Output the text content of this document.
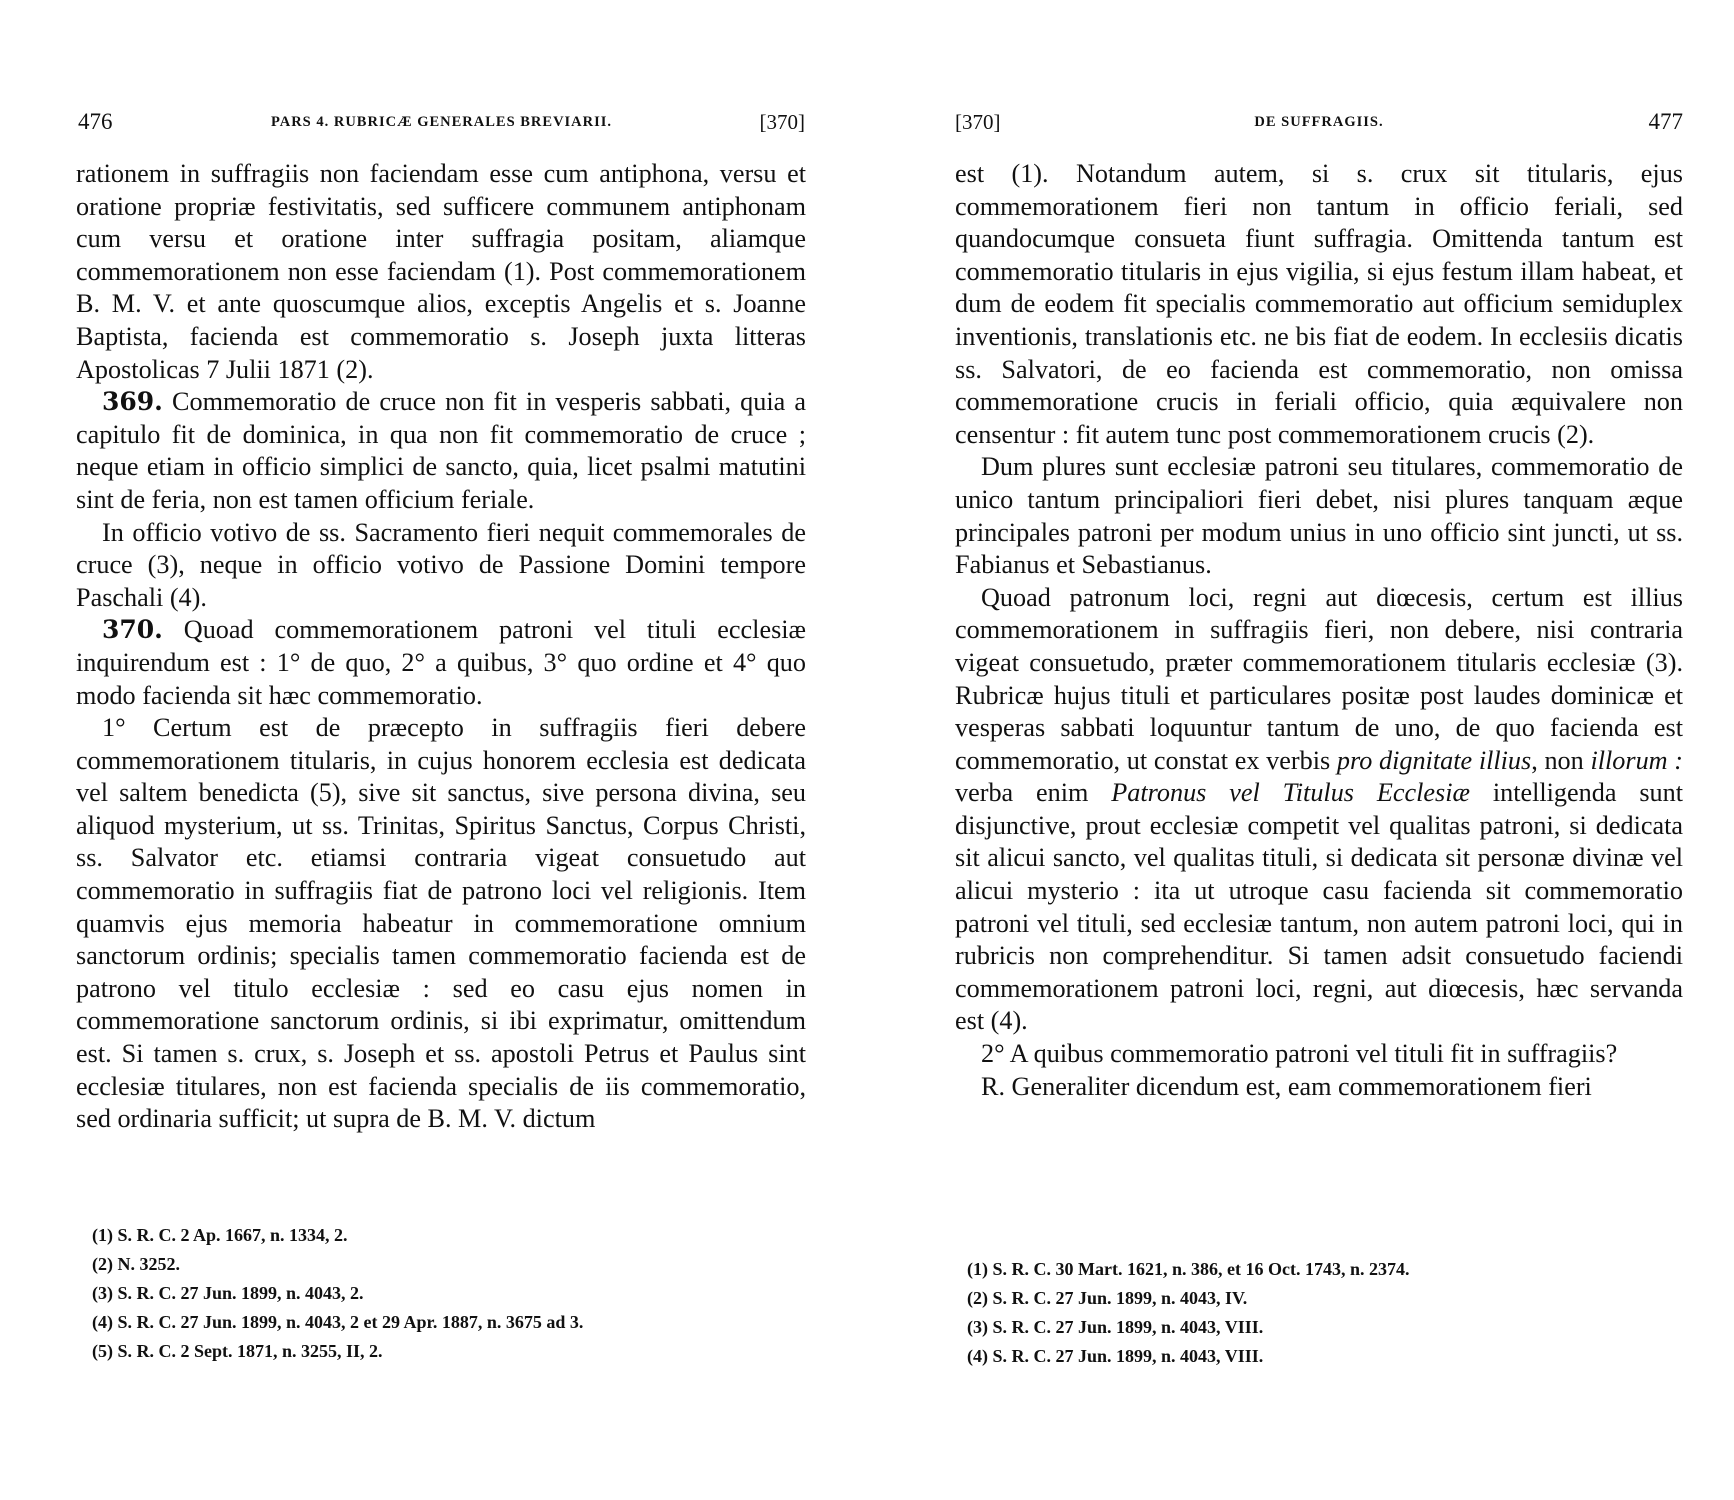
476	PARS 4. RUBRICÆ GENERALES BREVIARII.	[370]

rationem in suffragiis non faciendam esse cum antiphona, versu et oratione propriæ festivitatis, sed sufficere communem antiphonam cum versu et oratione inter suffragia positam, aliamque commemorationem non esse faciendam (1). Post commemorationem B. M. V. et ante quoscumque alios, exceptis Angelis et s. Joanne Baptista, facienda est commemoratio s. Joseph juxta litteras Apostolicas 7 Julii 1871 (2).

369. Commemoratio de cruce non fit in vesperis sabbati, quia a capitulo fit de dominica, in qua non fit commemoratio de cruce ; neque etiam in officio simplici de sancto, quia, licet psalmi matutini sint de feria, non est tamen officium feriale.

In officio votivo de ss. Sacramento fieri nequit commemorales de cruce (3), neque in officio votivo de Passione Domini tempore Paschali (4).

370. Quoad commemorationem patroni vel tituli ecclesiæ inquirendum est : 1° de quo, 2° a quibus, 3° quo ordine et 4° quo modo facienda sit hæc commemoratio.

1° Certum est de præcepto in suffragiis fieri debere commemorationem titularis, in cujus honorem ecclesia est dedicata vel saltem benedicta (5), sive sit sanctus, sive persona divina, seu aliquod mysterium, ut ss. Trinitas, Spiritus Sanctus, Corpus Christi, ss. Salvator etc. etiamsi contraria vigeat consuetudo aut commemoratio in suffragiis fiat de patrono loci vel religionis. Item quamvis ejus memoria habeatur in commemoratione omnium sanctorum ordinis; specialis tamen commemoratio facienda est de patrono vel titulo ecclesiæ : sed eo casu ejus nomen in commemoratione sanctorum ordinis, si ibi exprimatur, omittendum est. Si tamen s. crux, s. Joseph et ss. apostoli Petrus et Paulus sint ecclesiæ titulares, non est facienda specialis de iis commemoratio, sed ordinaria sufficit; ut supra de B. M. V. dictum

(1) S. R. C. 2 Ap. 1667, n. 1334, 2.
(2) N. 3252.
(3) S. R. C. 27 Jun. 1899, n. 4043, 2.
(4) S. R. C. 27 Jun. 1899, n. 4043, 2 et 29 Apr. 1887, n. 3675 ad 3.
(5) S. R. C. 2 Sept. 1871, n. 3255, II, 2.
[370]	DE SUFFRAGIIS.	477

est (1). Notandum autem, si s. crux sit titularis, ejus commemorationem fieri non tantum in officio feriali, sed quandocumque consueta fiunt suffragia. Omittenda tantum est commemoratio titularis in ejus vigilia, si ejus festum illam habeat, et dum de eodem fit specialis commemoratio aut officium semiduplex inventionis, translationis etc. ne bis fiat de eodem. In ecclesiis dicatis ss. Salvatori, de eo facienda est commemoratio, non omissa commemoratione crucis in feriali officio, quia æquivalere non censentur : fit autem tunc post commemorationem crucis (2).

Dum plures sunt ecclesiæ patroni seu titulares, commemoratio de unico tantum principaliori fieri debet, nisi plures tanquam æque principales patroni per modum unius in uno officio sint juncti, ut ss. Fabianus et Sebastianus.

Quoad patronum loci, regni aut diœcesis, certum est illius commemorationem in suffragiis fieri, non debere, nisi contraria vigeat consuetudo, præter commemorationem titularis ecclesiæ (3). Rubricæ hujus tituli et particulares positæ post laudes dominicæ et vesperas sabbati loquuntur tantum de uno, de quo facienda est commemoratio, ut constat ex verbis pro dignitate illius, non illorum : verba enim Patronus vel Titulus Ecclesiæ intelligenda sunt disjunctive, prout ecclesiæ competit vel qualitas patroni, si dedicata sit alicui sancto, vel qualitas tituli, si dedicata sit personæ divinæ vel alicui mysterio : ita ut utroque casu facienda sit commemoratio patroni vel tituli, sed ecclesiæ tantum, non autem patroni loci, qui in rubricis non comprehenditur. Si tamen adsit consuetudo faciendi commemorationem patroni loci, regni, aut diœcesis, hæc servanda est (4).

2° A quibus commemoratio patroni vel tituli fit in suffragiis?

R. Generaliter dicendum est, eam commemorationem fieri

(1) S. R. C. 30 Mart. 1621, n. 386, et 16 Oct. 1743, n. 2374.
(2) S. R. C. 27 Jun. 1899, n. 4043, IV.
(3) S. R. C. 27 Jun. 1899, n. 4043, VIII.
(4) S. R. C. 27 Jun. 1899, n. 4043, VIII.
